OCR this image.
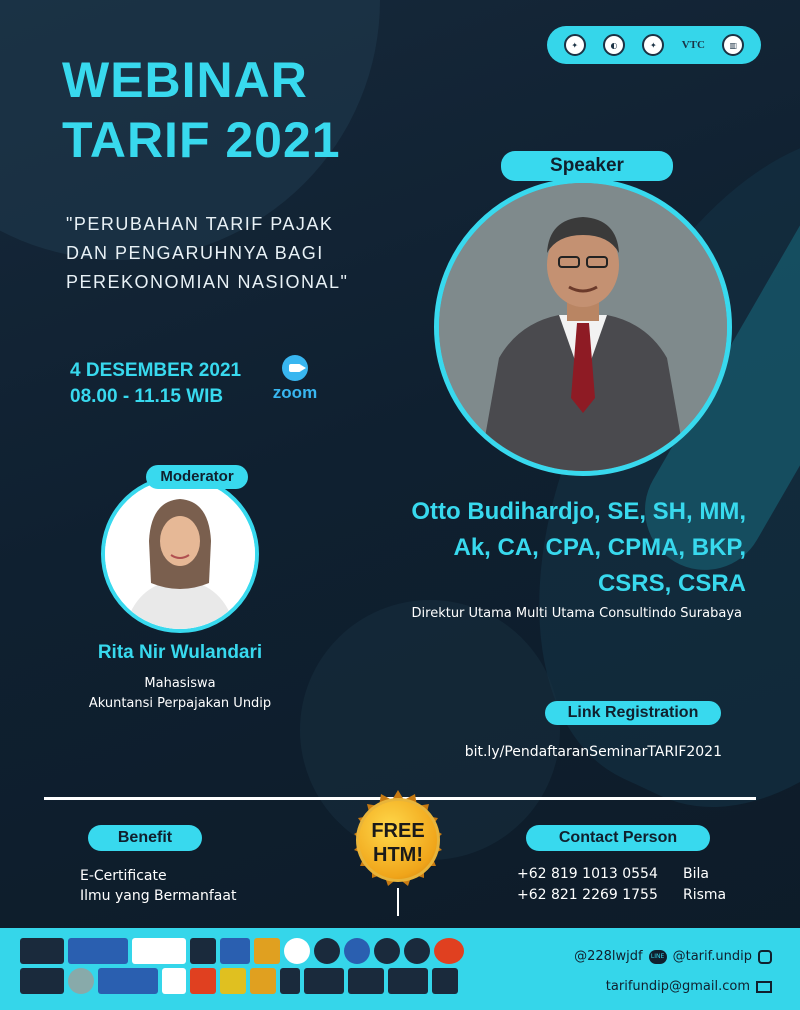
✦	◐	✦	VTC	▥
WEBINAR
TARIF 2021
"PERUBAHAN TARIF PAJAK
DAN PENGARUHNYA BAGI
PEREKONOMIAN NASIONAL"
4 DESEMBER 2021
08.00 - 11.15 WIB	zoom
Speaker
Moderator
Otto Budihardjo, SE, SH, MM,
Ak, CA, CPA, CPMA, BKP,
CSRS, CSRA
Direktur Utama Multi Utama Consultindo Surabaya
Rita Nir Wulandari
Mahasiswa
Akuntansi Perpajakan Undip
Link Registration
bit.ly/PendaftaranSeminarTARIF2021
FREE
HTM!
Benefit
E-Certificate
Ilmu yang Bermanfaat
Contact Person
+62 819 1013 0554 Bila
+62 821 2269 1755 Risma
@228lwjdf LINE @tarif.undip
tarifundip@gmail.com
